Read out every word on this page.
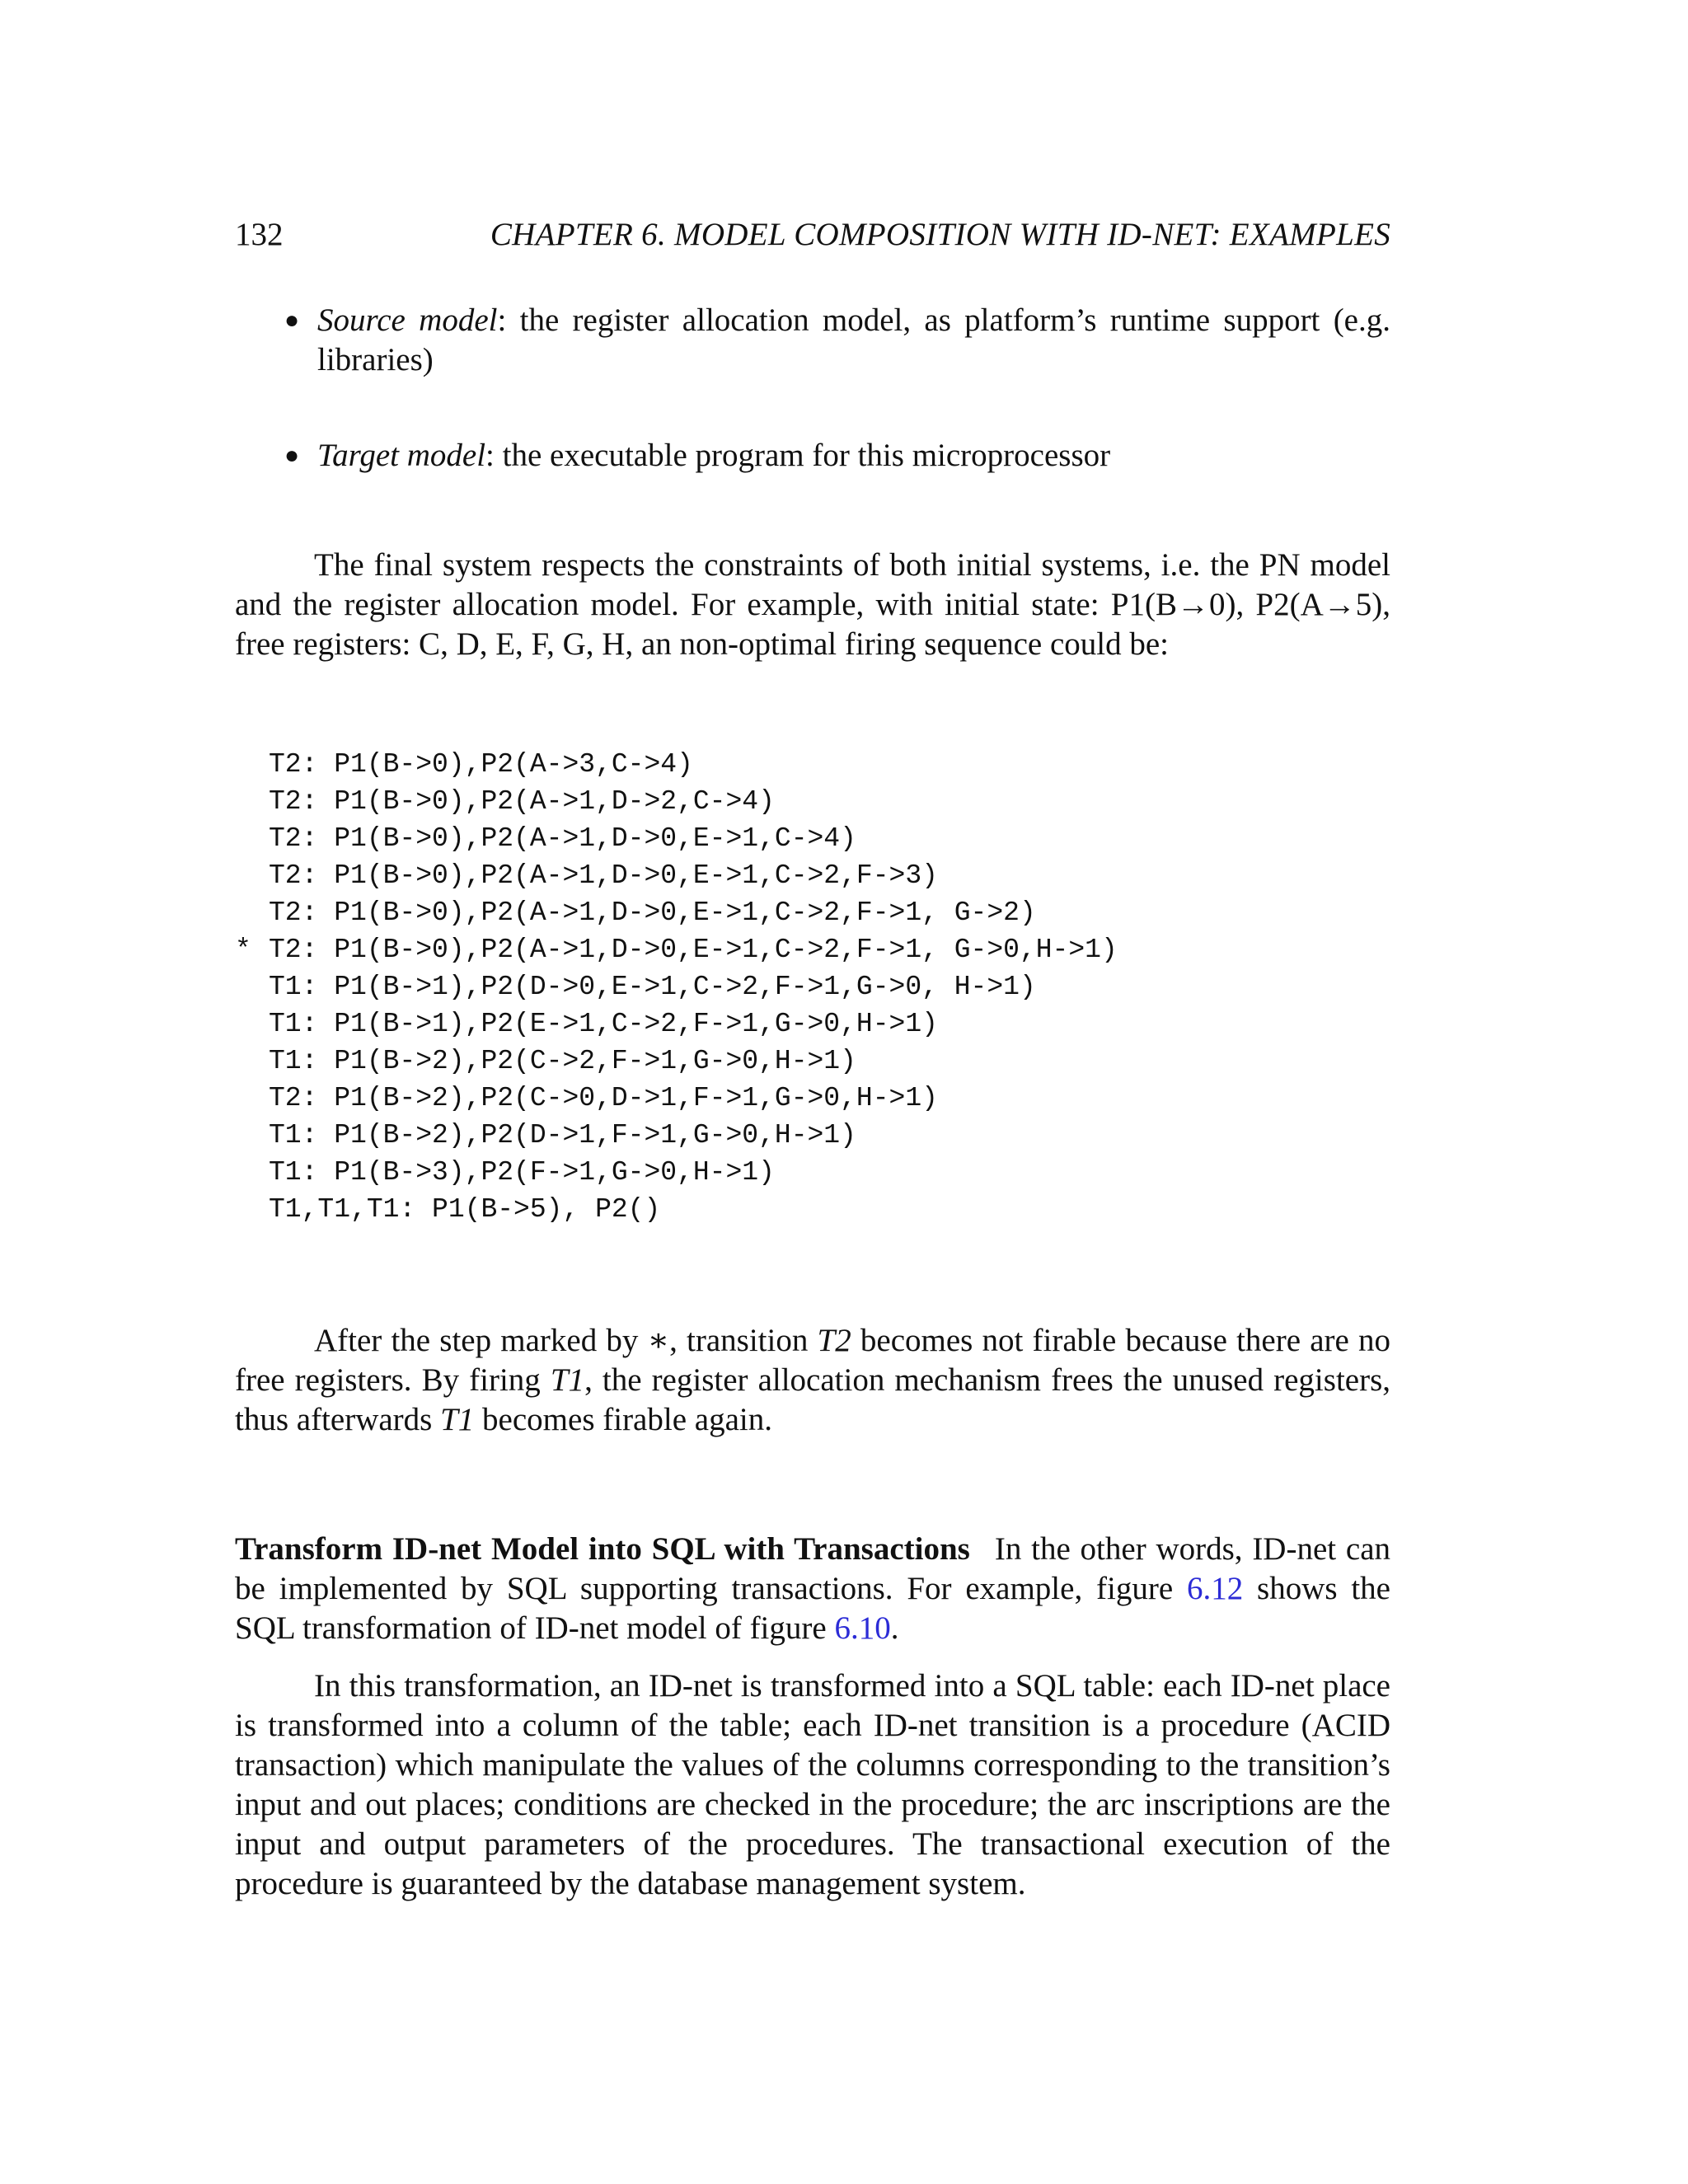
132	CHAPTER 6. MODEL COMPOSITION WITH ID-NET: EXAMPLES
● Source model: the register allocation model, as platform’s runtime support (e.g. libraries)
● Target model: the executable program for this microprocessor

The final system respects the constraints of both initial systems, i.e. the PN model and the register allocation model. For example, with initial state: P1(B→0), P2(A→5), free registers: C, D, E, F, G, H, an non-optimal firing sequence could be:

T2: P1(B->0),P2(A->3,C->4)
T2: P1(B->0),P2(A->1,D->2,C->4)
T2: P1(B->0),P2(A->1,D->0,E->1,C->4)
T2: P1(B->0),P2(A->1,D->0,E->1,C->2,F->3)
T2: P1(B->0),P2(A->1,D->0,E->1,C->2,F->1, G->2)
* T2: P1(B->0),P2(A->1,D->0,E->1,C->2,F->1, G->0,H->1)
T1: P1(B->1),P2(D->0,E->1,C->2,F->1,G->0, H->1)
T1: P1(B->1),P2(E->1,C->2,F->1,G->0,H->1)
T1: P1(B->2),P2(C->2,F->1,G->0,H->1)
T2: P1(B->2),P2(C->0,D->1,F->1,G->0,H->1)
T1: P1(B->2),P2(D->1,F->1,G->0,H->1)
T1: P1(B->3),P2(F->1,G->0,H->1)
T1,T1,T1: P1(B->5), P2()

After the step marked by ∗, transition T2 becomes not firable because there are no free registers. By firing T1, the register allocation mechanism frees the unused registers, thus afterwards T1 becomes firable again.

Transform ID-net Model into SQL with Transactions In the other words, ID-net can be implemented by SQL supporting transactions. For example, figure 6.12 shows the SQL transformation of ID-net model of figure 6.10.

In this transformation, an ID-net is transformed into a SQL table: each ID-net place is transformed into a column of the table; each ID-net transition is a procedure (ACID transaction) which manipulate the values of the columns corresponding to the transition’s input and out places; conditions are checked in the procedure; the arc inscriptions are the input and output parameters of the procedures. The transactional execution of the procedure is guaranteed by the database management system.
